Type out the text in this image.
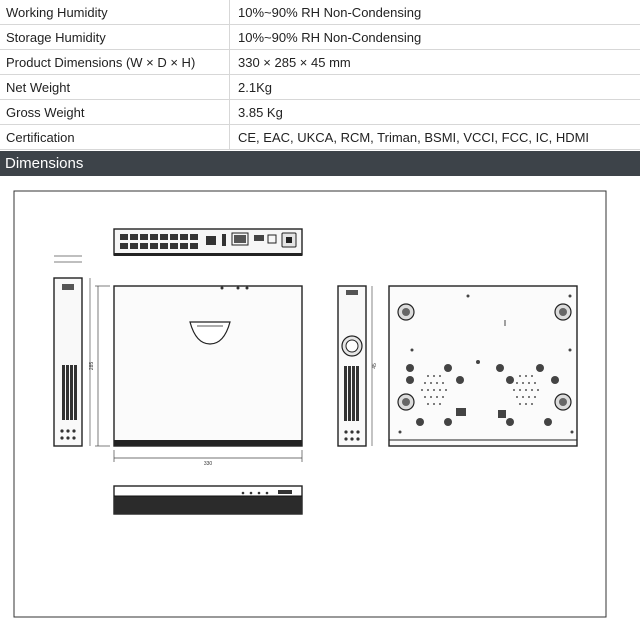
Working Humidity	10%~90% RH Non-Condensing
Storage Humidity	10%~90% RH Non-Condensing
Product Dimensions (W × D × H)	330 × 285 × 45 mm
Net Weight	2.1Kg
Gross Weight	3.85 Kg
Certification	CE, EAC, UKCA, RCM, Triman, BSMI, VCCI, FCC, IC, HDMI
Dimensions
285
330
45
